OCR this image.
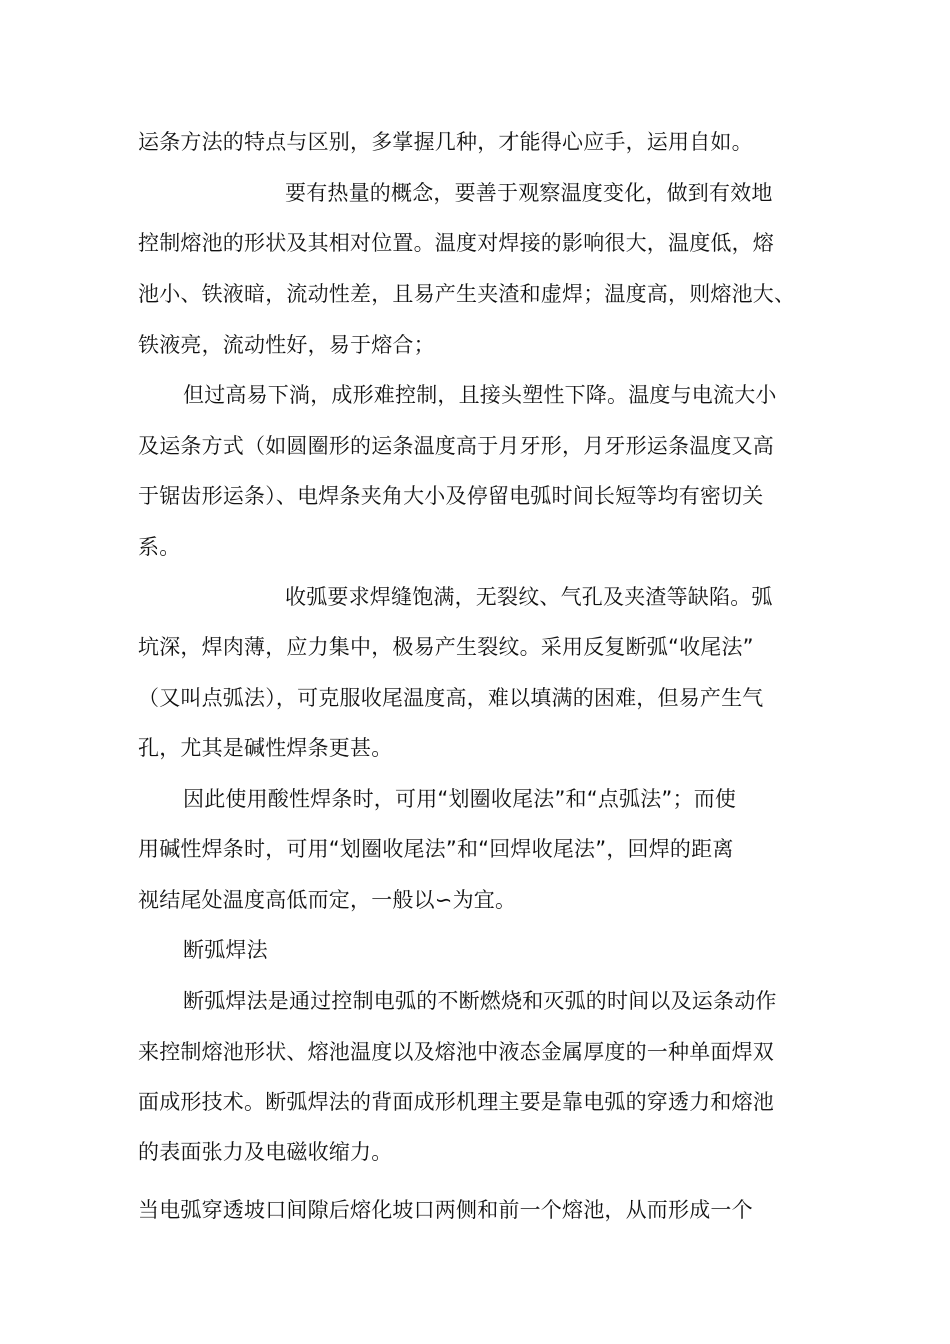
运条方法的特点与区别，多掌握几种，才能得心应手，运用自如。

要有热量的概念，要善于观察温度变化，做到有效地

控制熔池的形状及其相对位置。温度对焊接的影响很大，温度低，熔

池小、铁液暗，流动性差，且易产生夹渣和虚焊；温度高，则熔池大、

铁液亮，流动性好，易于熔合；

但过高易下淌，成形难控制，且接头塑性下降。温度与电流大小

及运条方式（如圆圈形的运条温度高于月牙形，月牙形运条温度又高

于锯齿形运条）、电焊条夹角大小及停留电弧时间长短等均有密切关

系。

收弧要求焊缝饱满，无裂纹、气孔及夹渣等缺陷。弧

坑深，焊肉薄，应力集中，极易产生裂纹。采用反复断弧“收尾法”

（又叫点弧法），可克服收尾温度高，难以填满的困难，但易产生气

孔，尤其是碱性焊条更甚。

因此使用酸性焊条时，可用“划圈收尾法”和“点弧法”；而使

用碱性焊条时，可用“划圈收尾法”和“回焊收尾法”，回焊的距离

视结尾处温度高低而定，一般以∽为宜。

断弧焊法

断弧焊法是通过控制电弧的不断燃烧和灭弧的时间以及运条动作

来控制熔池形状、熔池温度以及熔池中液态金属厚度的一种单面焊双

面成形技术。断弧焊法的背面成形机理主要是靠电弧的穿透力和熔池

的表面张力及电磁收缩力。

当电弧穿透坡口间隙后熔化坡口两侧和前一个熔池，从而形成一个
